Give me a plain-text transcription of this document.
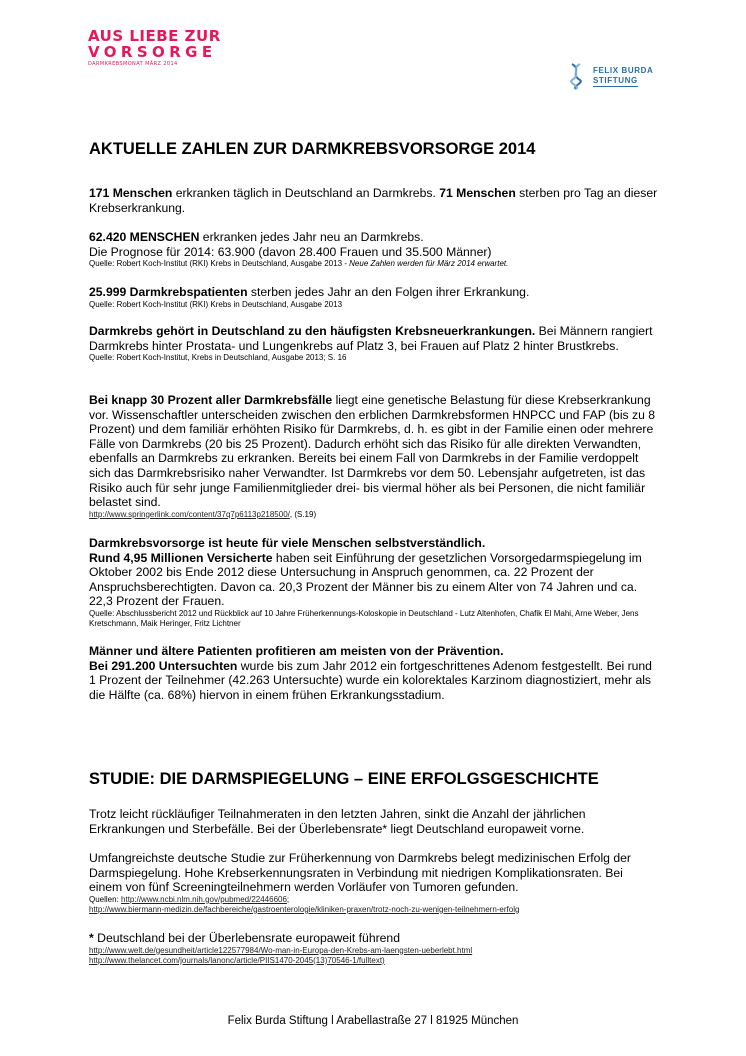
AUS LIEBE ZUR
VORSORGE
DARMKREBSMONAT MÄRZ 2014
FELIX BURDA
STIFTUNG
AKTUELLE ZAHLEN ZUR DARMKREBSVORSORGE 2014
171 Menschen erkranken täglich in Deutschland an Darmkrebs. 71 Menschen sterben pro Tag an dieser Krebserkrankung.
62.420 MENSCHEN erkranken jedes Jahr neu an Darmkrebs.
Die Prognose für 2014: 63.900 (davon 28.400 Frauen und 35.500 Männer)
Quelle: Robert Koch-Institut (RKI) Krebs in Deutschland, Ausgabe 2013 - Neue Zahlen werden für März 2014 erwartet.
25.999 Darmkrebspatienten sterben jedes Jahr an den Folgen ihrer Erkrankung.
Quelle: Robert Koch-Institut (RKI) Krebs in Deutschland, Ausgabe 2013
Darmkrebs gehört in Deutschland zu den häufigsten Krebsneuerkrankungen. Bei Männern rangiert Darmkrebs hinter Prostata- und Lungenkrebs auf Platz 3, bei Frauen auf Platz 2 hinter Brustkrebs.
Quelle: Robert Koch-Institut, Krebs in Deutschland, Ausgabe 2013; S. 16
Bei knapp 30 Prozent aller Darmkrebsfälle liegt eine genetische Belastung für diese Krebserkrankung vor. Wissenschaftler unterscheiden zwischen den erblichen Darmkrebsformen HNPCC und FAP (bis zu 8 Prozent) und dem familiär erhöhten Risiko für Darmkrebs, d. h. es gibt in der Familie einen oder mehrere Fälle von Darmkrebs (20 bis 25 Prozent). Dadurch erhöht sich das Risiko für alle direkten Verwandten, ebenfalls an Darmkrebs zu erkranken. Bereits bei einem Fall von Darmkrebs in der Familie verdoppelt sich das Darmkrebsrisiko naher Verwandter. Ist Darmkrebs vor dem 50. Lebensjahr aufgetreten, ist das Risiko auch für sehr junge Familienmitglieder drei- bis viermal höher als bei Personen, die nicht familiär belastet sind.
http://www.springerlink.com/content/37q7p6113p218500/, (S.19)
Darmkrebsvorsorge ist heute für viele Menschen selbstverständlich.
Rund 4,95 Millionen Versicherte haben seit Einführung der gesetzlichen Vorsorgedarmspiegelung im Oktober 2002 bis Ende 2012 diese Untersuchung in Anspruch genommen, ca. 22 Prozent der Anspruchsberechtigten. Davon ca. 20,3 Prozent der Männer bis zu einem Alter von 74 Jahren und ca. 22,3 Prozent der Frauen.
Quelle: Abschlussbericht 2012 und Rückblick auf 10 Jahre Früherkennungs-Koloskopie in Deutschland - Lutz Altenhofen, Chafik El Mahi, Arne Weber, Jens Kretschmann, Maik Heringer, Fritz Lichtner
Männer und ältere Patienten profitieren am meisten von der Prävention.
Bei 291.200 Untersuchten wurde bis zum Jahr 2012 ein fortgeschrittenes Adenom festgestellt. Bei rund 1 Prozent der Teilnehmer (42.263 Untersuchte) wurde ein kolorektales Karzinom diagnostiziert, mehr als die Hälfte (ca. 68%) hiervon in einem frühen Erkrankungsstadium.
STUDIE: DIE DARMSPIEGELUNG – EINE ERFOLGSGESCHICHTE
Trotz leicht rückläufiger Teilnahmeraten in den letzten Jahren, sinkt die Anzahl der jährlichen Erkrankungen und Sterbefälle. Bei der Überlebensrate* liegt Deutschland europaweit vorne.
Umfangreichste deutsche Studie zur Früherkennung von Darmkrebs belegt medizinischen Erfolg der Darmspiegelung. Hohe Krebserkennungsraten in Verbindung mit niedrigen Komplikationsraten. Bei einem von fünf Screeningteilnehmern werden Vorläufer von Tumoren gefunden.
Quellen: http://www.ncbi.nlm.nih.gov/pubmed/22446606;
http://www.biermann-medizin.de/fachbereiche/gastroenterologie/kliniken-praxen/trotz-noch-zu-wenigen-teilnehmern-erfolg
* Deutschland bei der Überlebensrate europaweit führend
http://www.welt.de/gesundheit/article122577984/Wo-man-in-Europa-den-Krebs-am-laengsten-ueberlebt.html
http://www.thelancet.com/journals/lanonc/article/PIIS1470-2045(13)70546-1/fulltext)
Felix Burda Stiftung l Arabellastraße 27 l 81925 München
